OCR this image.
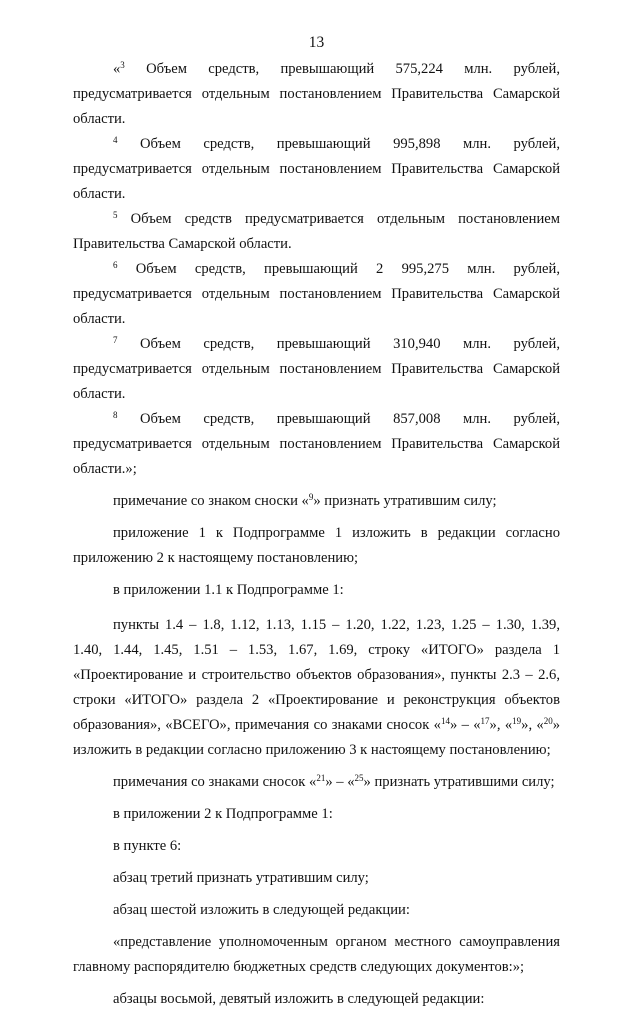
13

«$^3$ Объем средств, превышающий 575,224 млн. рублей, предусматривается отдельным постановлением Правительства Самарской области.

$^4$ Объем средств, превышающий 995,898 млн. рублей, предусматривается отдельным постановлением Правительства Самарской области.

$^5$ Объем средств предусматривается отдельным постановлением Правительства Самарской области.

$^6$ Объем средств, превышающий 2 995,275 млн. рублей, предусматривается отдельным постановлением Правительства Самарской области.

$^7$ Объем средств, превышающий 310,940 млн. рублей, предусматривается отдельным постановлением Правительства Самарской области.

$^8$ Объем средств, превышающий 857,008 млн. рублей, предусматривается отдельным постановлением Правительства Самарской области.»;

примечание со знаком сноски «$^9$» признать утратившим силу;

приложение 1 к Подпрограмме 1 изложить в редакции согласно приложению 2 к настоящему постановлению;

в приложении 1.1 к Подпрограмме 1:

пункты 1.4 – 1.8, 1.12, 1.13, 1.15 – 1.20, 1.22, 1.23, 1.25 – 1.30, 1.39, 1.40, 1.44, 1.45, 1.51 – 1.53, 1.67, 1.69, строку «ИТОГО» раздела 1 «Проектирование и строительство объектов образования», пункты 2.3 – 2.6, строки «ИТОГО» раздела 2 «Проектирование и реконструкция объектов образования», «ВСЕГО», примечания со знаками сносок «$^{14}$» – «$^{17}$», «$^{19}$», «$^{20}$» изложить в редакции согласно приложению 3 к настоящему постановлению;

примечания со знаками сносок «$^{21}$» – «$^{25}$» признать утратившими силу;

в приложении 2 к Подпрограмме 1:

в пункте 6:

абзац третий признать утратившим силу;

абзац шестой изложить в следующей редакции:

«представление уполномоченным органом местного самоуправления главному распорядителю бюджетных средств следующих документов:»;

абзацы восьмой, девятый изложить в следующей редакции:
